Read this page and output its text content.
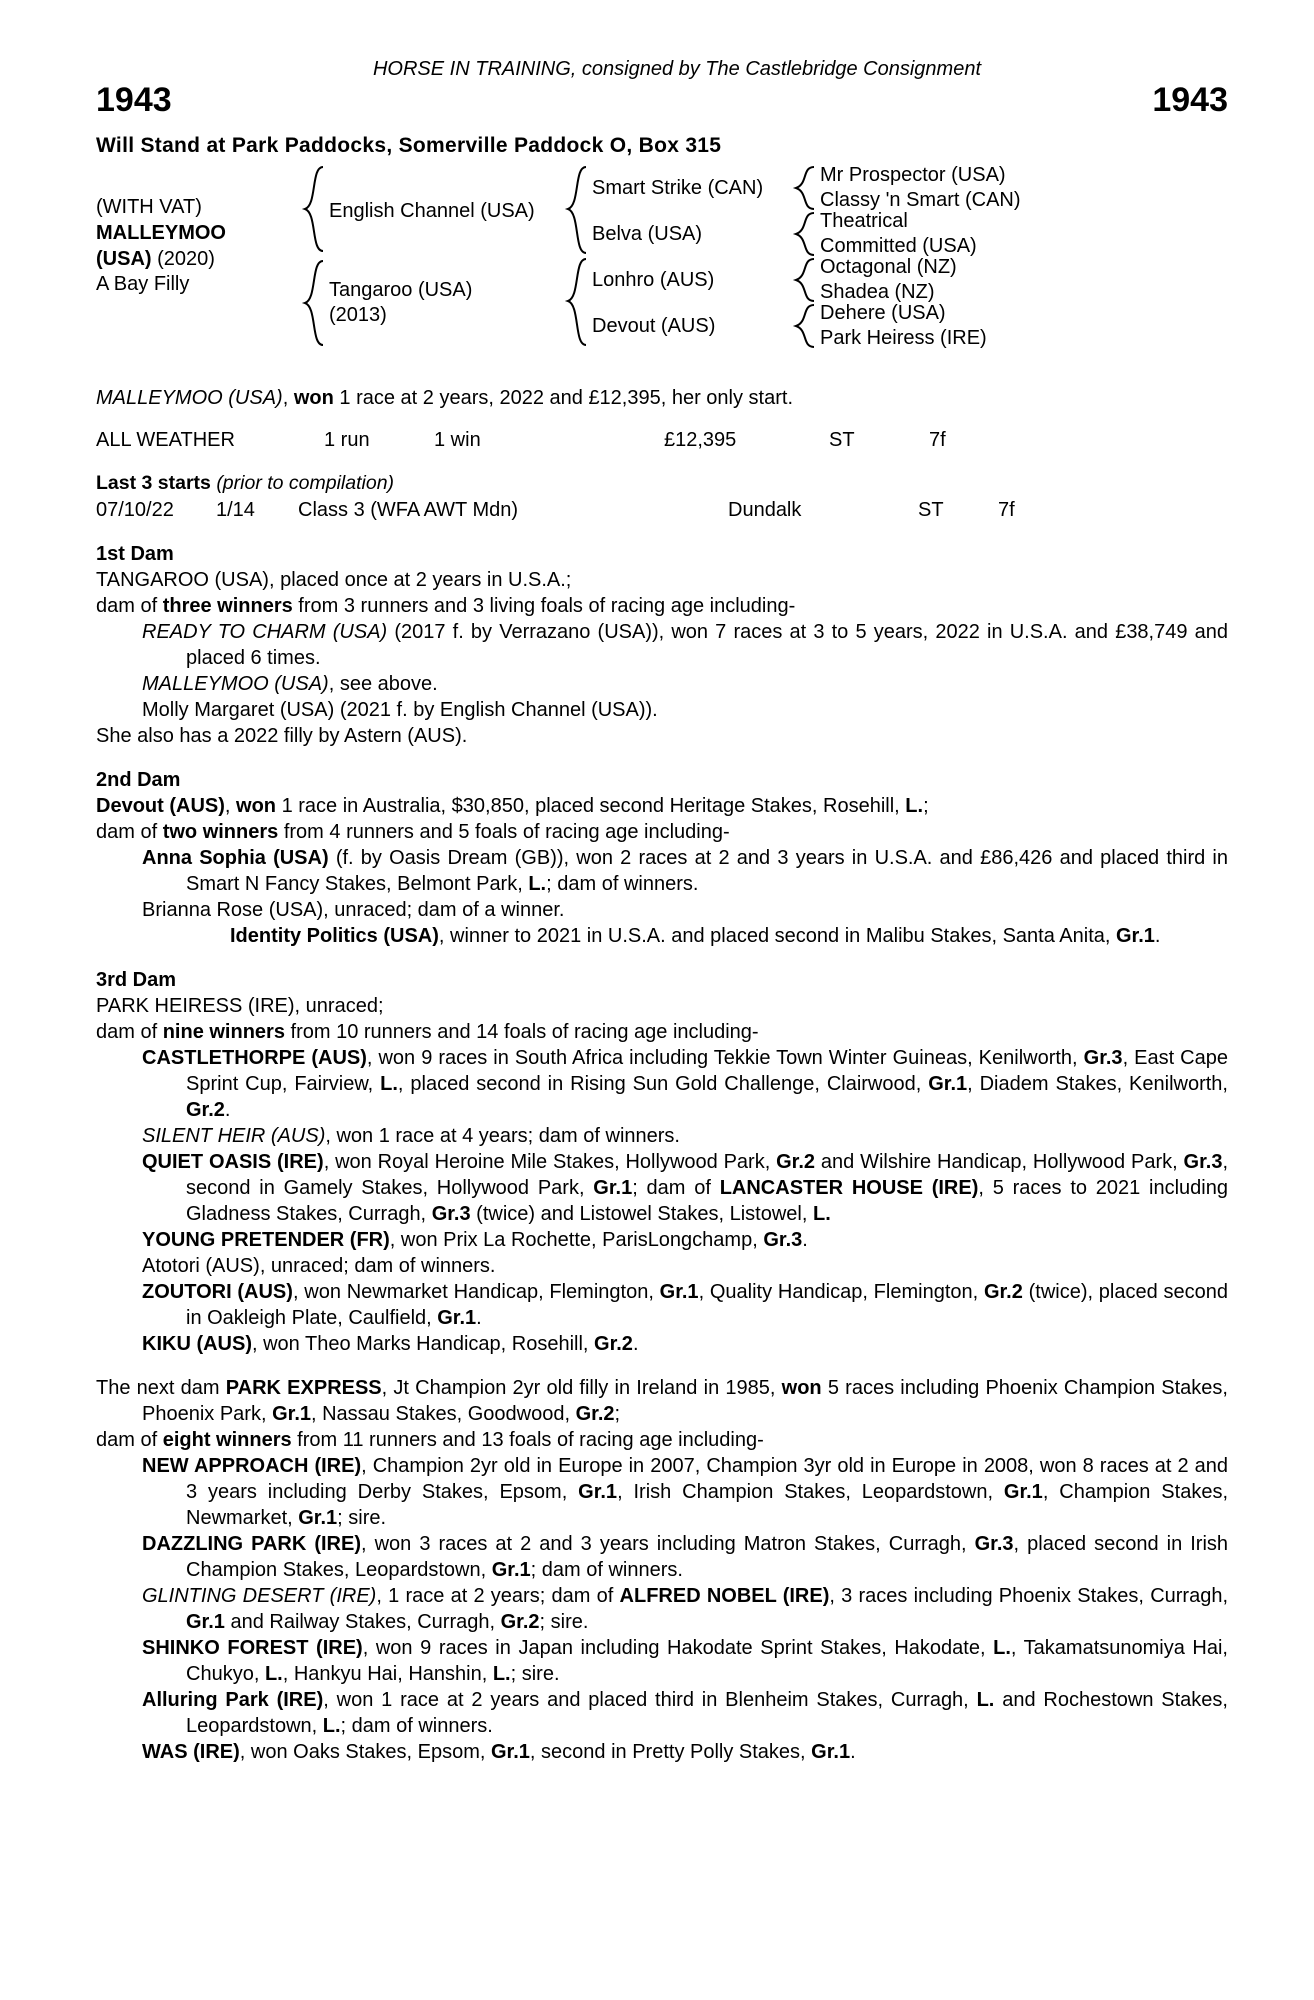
HORSE IN TRAINING, consigned by The Castlebridge Consignment
1943	1943
Will Stand at Park Paddocks, Somerville Paddock O, Box 315
(WITH VAT)
MALLEYMOO
(USA) (2020)
A Bay Filly
English Channel (USA)
Tangaroo (USA)
(2013)
Smart Strike (CAN)
Belva (USA)
Lonhro (AUS)
Devout (AUS)
Mr Prospector (USA)
Classy 'n Smart (CAN)
Theatrical
Committed (USA)
Octagonal (NZ)
Shadea (NZ)
Dehere (USA)
Park Heiress (IRE)

MALLEYMOO (USA), won 1 race at 2 years, 2022 and £12,395, her only start.

ALL WEATHER	1 run	1 win	£12,395	ST	7f
Last 3 starts (prior to compilation)
07/10/22	1/14	Class 3 (WFA AWT Mdn)	Dundalk	ST	7f
1st Dam

TANGAROO (USA), placed once at 2 years in U.S.A.;

dam of three winners from 3 runners and 3 living foals of racing age including-

READY TO CHARM (USA) (2017 f. by Verrazano (USA)), won 7 races at 3 to 5 years, 2022 in U.S.A. and £38,749 and placed 6 times.

MALLEYMOO (USA), see above.

Molly Margaret (USA) (2021 f. by English Channel (USA)).

She also has a 2022 filly by Astern (AUS).

2nd Dam

Devout (AUS), won 1 race in Australia, $30,850, placed second Heritage Stakes, Rosehill, L.;

dam of two winners from 4 runners and 5 foals of racing age including-

Anna Sophia (USA) (f. by Oasis Dream (GB)), won 2 races at 2 and 3 years in U.S.A. and £86,426 and placed third in Smart N Fancy Stakes, Belmont Park, L.; dam of winners.

Brianna Rose (USA), unraced; dam of a winner.

Identity Politics (USA), winner to 2021 in U.S.A. and placed second in Malibu Stakes, Santa Anita, Gr.1.

3rd Dam

PARK HEIRESS (IRE), unraced;

dam of nine winners from 10 runners and 14 foals of racing age including-

CASTLETHORPE (AUS), won 9 races in South Africa including Tekkie Town Winter Guineas, Kenilworth, Gr.3, East Cape Sprint Cup, Fairview, L., placed second in Rising Sun Gold Challenge, Clairwood, Gr.1, Diadem Stakes, Kenilworth, Gr.2.

SILENT HEIR (AUS), won 1 race at 4 years; dam of winners.

QUIET OASIS (IRE), won Royal Heroine Mile Stakes, Hollywood Park, Gr.2 and Wilshire Handicap, Hollywood Park, Gr.3, second in Gamely Stakes, Hollywood Park, Gr.1; dam of LANCASTER HOUSE (IRE), 5 races to 2021 including Gladness Stakes, Curragh, Gr.3 (twice) and Listowel Stakes, Listowel, L.

YOUNG PRETENDER (FR), won Prix La Rochette, ParisLongchamp, Gr.3.

Atotori (AUS), unraced; dam of winners.

ZOUTORI (AUS), won Newmarket Handicap, Flemington, Gr.1, Quality Handicap, Flemington, Gr.2 (twice), placed second in Oakleigh Plate, Caulfield, Gr.1.

KIKU (AUS), won Theo Marks Handicap, Rosehill, Gr.2.

The next dam PARK EXPRESS, Jt Champion 2yr old filly in Ireland in 1985, won 5 races including Phoenix Champion Stakes, Phoenix Park, Gr.1, Nassau Stakes, Goodwood, Gr.2;

dam of eight winners from 11 runners and 13 foals of racing age including-

NEW APPROACH (IRE), Champion 2yr old in Europe in 2007, Champion 3yr old in Europe in 2008, won 8 races at 2 and 3 years including Derby Stakes, Epsom, Gr.1, Irish Champion Stakes, Leopardstown, Gr.1, Champion Stakes, Newmarket, Gr.1; sire.

DAZZLING PARK (IRE), won 3 races at 2 and 3 years including Matron Stakes, Curragh, Gr.3, placed second in Irish Champion Stakes, Leopardstown, Gr.1; dam of winners.

GLINTING DESERT (IRE), 1 race at 2 years; dam of ALFRED NOBEL (IRE), 3 races including Phoenix Stakes, Curragh, Gr.1 and Railway Stakes, Curragh, Gr.2; sire.

SHINKO FOREST (IRE), won 9 races in Japan including Hakodate Sprint Stakes, Hakodate, L., Takamatsunomiya Hai, Chukyo, L., Hankyu Hai, Hanshin, L.; sire.

Alluring Park (IRE), won 1 race at 2 years and placed third in Blenheim Stakes, Curragh, L. and Rochestown Stakes, Leopardstown, L.; dam of winners.

WAS (IRE), won Oaks Stakes, Epsom, Gr.1, second in Pretty Polly Stakes, Gr.1.
